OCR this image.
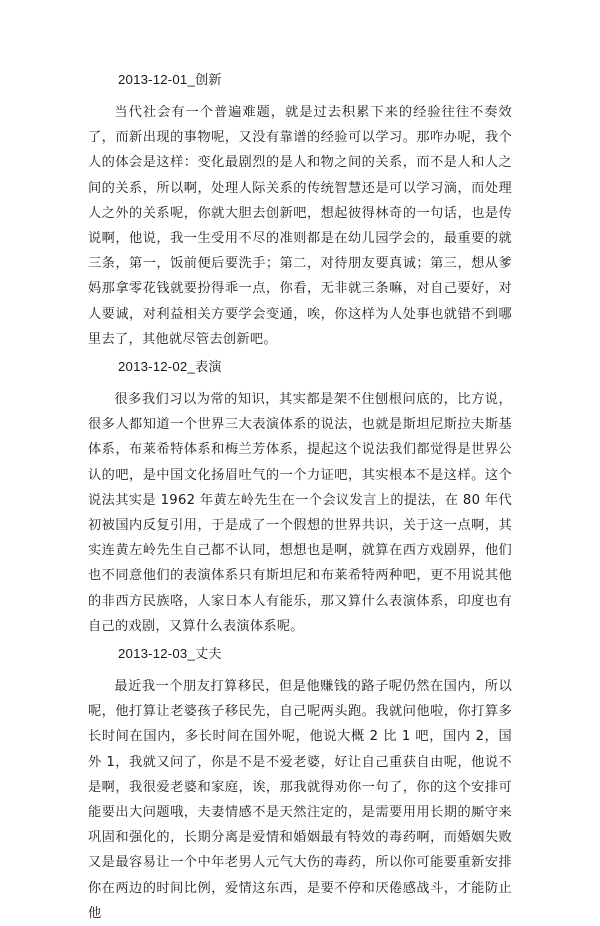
2013-12-01_创新

当代社会有一个普遍难题，就是过去积累下来的经验往往不奏效了，而新出现的事物呢，又没有靠谱的经验可以学习。那咋办呢，我个人的体会是这样：变化最剧烈的是人和物之间的关系，而不是人和人之间的关系，所以啊，处理人际关系的传统智慧还是可以学习滴，而处理人之外的关系呢，你就大胆去创新吧，想起彼得林奇的一句话，也是传说啊，他说，我一生受用不尽的准则都是在幼儿园学会的，最重要的就三条，第一，饭前便后要洗手；第二，对待朋友要真诚；第三，想从爹妈那拿零花钱就要扮得乖一点，你看，无非就三条嘛，对自己要好，对人要诚，对利益相关方要学会变通，唉，你这样为人处事也就错不到哪里去了，其他就尽管去创新吧。

2013-12-02_表演

很多我们习以为常的知识，其实都是架不住刨根问底的，比方说，很多人都知道一个世界三大表演体系的说法，也就是斯坦尼斯拉夫斯基体系，布莱希特体系和梅兰芳体系，提起这个说法我们都觉得是世界公认的吧，是中国文化扬眉吐气的一个力证吧，其实根本不是这样。这个说法其实是 1962 年黄左岭先生在一个会议发言上的提法，在 80 年代初被国内反复引用，于是成了一个假想的世界共识，关于这一点啊，其实连黄左岭先生自己都不认同，想想也是啊，就算在西方戏剧界，他们也不同意他们的表演体系只有斯坦尼和布莱希特两种吧，更不用说其他的非西方民族咯，人家日本人有能乐，那又算什么表演体系，印度也有自己的戏剧，又算什么表演体系呢。

2013-12-03_丈夫

最近我一个朋友打算移民，但是他赚钱的路子呢仍然在国内，所以呢，他打算让老婆孩子移民先，自己呢两头跑。我就问他啦，你打算多长时间在国内，多长时间在国外呢，他说大概 2 比 1 吧，国内 2，国外 1，我就又问了，你是不是不爱老婆，好让自己重获自由呢，他说不是啊，我很爱老婆和家庭，诶，那我就得劝你一句了，你的这个安排可能要出大问题哦，夫妻情感不是天然注定的，是需要用用长期的厮守来巩固和强化的，长期分离是爱情和婚姻最有特效的毒药啊，而婚姻失败又是最容易让一个中年老男人元气大伤的毒药，所以你可能要重新安排你在两边的时间比例，爱情这东西，是要不停和厌倦感战斗，才能防止他
